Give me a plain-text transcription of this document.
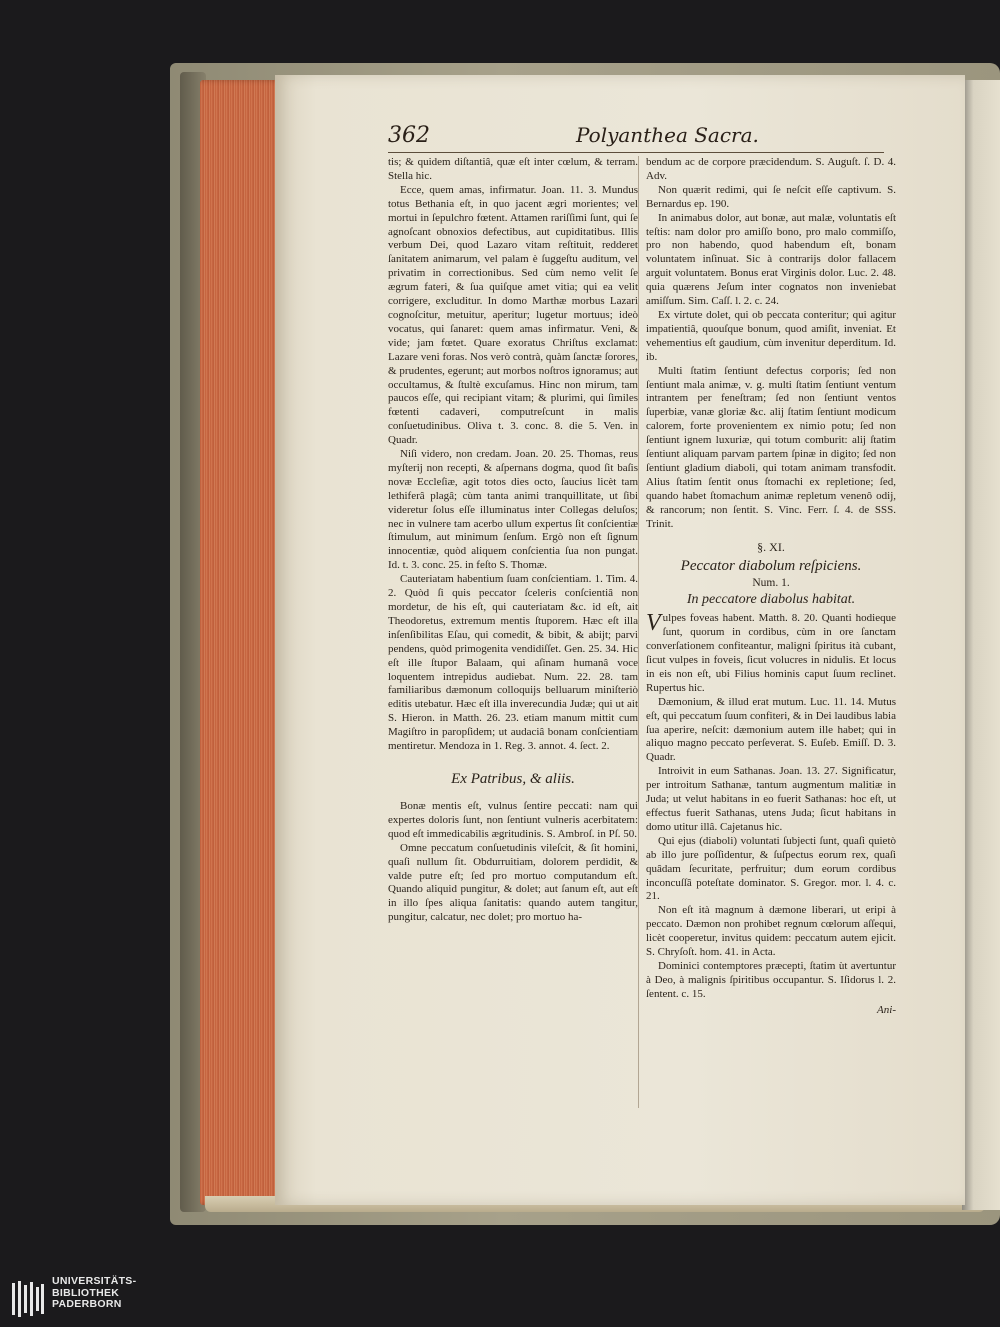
362	Polyanthea Sacra.

tis; & quidem diſtantiâ, quæ eſt inter cœlum, & terram. Stella hic.

Ecce, quem amas, infirmatur. Joan. 11. 3. Mundus totus Bethania eſt, in quo jacent ægri morientes; vel mortui in ſepulchro fœtent. Attamen rariſſimi ſunt, qui ſe agnoſcant obnoxios defectibus, aut cupiditatibus. Illis verbum Dei, quod Lazaro vitam reſtituit, redderet ſanitatem animarum, vel palam è ſuggeſtu auditum, vel privatim in correctionibus. Sed cùm nemo velit ſe ægrum fateri, & ſua quiſque amet vitia; qui ea velit corrigere, excluditur. In domo Marthæ morbus Lazari cognoſcitur, metuitur, aperitur; lugetur mortuus; ideò vocatus, qui ſanaret: quem amas infirmatur. Veni, & vide; jam fœtet. Quare exoratus Chriſtus exclamat: Lazare veni foras. Nos verò contrà, quàm ſanctæ ſorores, & prudentes, egerunt; aut morbos noſtros ignoramus; aut occultamus, & ſtultè excuſamus. Hinc non mirum, tam paucos eſſe, qui recipiant vitam; & plurimi, qui ſimiles fœtenti cadaveri, computreſcunt in malis conſuetudinibus. Oliva t. 3. conc. 8. die 5. Ven. in Quadr.

Niſi videro, non credam. Joan. 20. 25. Thomas, reus myſterij non recepti, & aſpernans dogma, quod ſit baſis novæ Eccleſiæ, agit totos dies octo, ſaucius licèt tam lethiferâ plagâ; cùm tanta animi tranquillitate, ut ſibi videretur ſolus eſſe illuminatus inter Collegas deluſos; nec in vulnere tam acerbo ullum expertus ſit conſcientiæ ſtimulum, aut minimum ſenſum. Ergò non eſt ſignum innocentiæ, quòd aliquem conſcientia ſua non pungat. Id. t. 3. conc. 25. in feſto S. Thomæ.

Cauteriatam habentium ſuam conſcientiam. 1. Tim. 4. 2. Quòd ſi quis peccator ſceleris conſcientiâ non mordetur, de his eſt, qui cauteriatam &c. id eſt, ait Theodoretus, extremum mentis ſtuporem. Hæc eſt illa inſenſibilitas Eſau, qui comedit, & bibit, & abijt; parvi pendens, quòd primogenita vendidiſſet. Gen. 25. 34. Hic eſt ille ſtupor Balaam, qui aſinam humanâ voce loquentem intrepidus audiebat. Num. 22. 28. tam familiaribus dæmonum colloquijs belluarum miniſteriò editis utebatur. Hæc eſt illa inverecundia Judæ; qui ut ait S. Hieron. in Matth. 26. 23. etiam manum mittit cum Magiſtro in paropſidem; ut audaciâ bonam conſcientiam mentiretur. Mendoza in 1. Reg. 3. annot. 4. ſect. 2.

Ex Patribus, & aliis.

Bonæ mentis eſt, vulnus ſentire peccati: nam qui expertes doloris ſunt, non ſentiunt vulneris acerbitatem: quod eſt immedicabilis ægritudinis. S. Ambroſ. in Pſ. 50.

Omne peccatum conſuetudinis vileſcit, & ſit homini, quaſi nullum ſit. Obdurruitiam, dolorem perdidit, & valde putre eſt; ſed pro mortuo computandum eſt. Quando aliquid pungitur, & dolet; aut ſanum eſt, aut eſt in illo ſpes aliqua ſanitatis: quando autem tangitur, pungitur, calcatur, nec dolet; pro mortuo ha-

bendum ac de corpore præcidendum. S. Auguſt. ſ. D. 4. Adv.

Non quærit redimi, qui ſe neſcit eſſe captivum. S. Bernardus ep. 190.

In animabus dolor, aut bonæ, aut malæ, voluntatis eſt teſtis: nam dolor pro amiſſo bono, pro malo commiſſo, pro non habendo, quod habendum eſt, bonam voluntatem inſinuat. Sic à contrarijs dolor fallacem arguit voluntatem. Bonus erat Virginis dolor. Luc. 2. 48. quia quærens Jeſum inter cognatos non inveniebat amiſſum. Sim. Caſſ. l. 2. c. 24.

Ex virtute dolet, qui ob peccata conteritur; qui agitur impatientiâ, quouſque bonum, quod amiſit, inveniat. Et vehementius eſt gaudium, cùm invenitur deperditum. Id. ib.

Multi ſtatim ſentiunt defectus corporis; ſed non ſentiunt mala animæ, v. g. multi ſtatim ſentiunt ventum intrantem per feneſtram; ſed non ſentiunt ventos ſuperbiæ, vanæ gloriæ &c. alij ſtatim ſentiunt modicum calorem, forte provenientem ex nimio potu; ſed non ſentiunt ignem luxuriæ, qui totum comburit: alij ſtatim ſentiunt aliquam parvam partem ſpinæ in digito; ſed non ſentiunt gladium diaboli, qui totam animam transfodit. Alius ſtatim ſentit onus ſtomachi ex repletione; ſed, quando habet ſtomachum animæ repletum venenô odij, & rancorum; non ſentit. S. Vinc. Ferr. ſ. 4. de SSS. Trinit.

§. XI.
Peccator diabolum reſpiciens.
Num. 1.
In peccatore diabolus habitat.

Vulpes foveas habent. Matth. 8. 20. Quanti hodieque ſunt, quorum in cordibus, cùm in ore ſanctam converſationem confiteantur, maligni ſpiritus ità cubant, ſicut vulpes in foveis, ſicut volucres in nidulis. Et locus in eis non eſt, ubi Filius hominis caput ſuum reclinet. Rupertus hic.

Dæmonium, & illud erat mutum. Luc. 11. 14. Mutus eſt, qui peccatum ſuum confiteri, & in Dei laudibus labia ſua aperire, neſcit: dæmonium autem ille habet; qui in aliquo magno peccato perſeverat. S. Euſeb. Emiſſ. D. 3. Quadr.

Introivit in eum Sathanas. Joan. 13. 27. Significatur, per introitum Sathanæ, tantum augmentum malitiæ in Juda; ut velut habitans in eo fuerit Sathanas: hoc eſt, ut effectus fuerit Sathanas, utens Juda; ſicut habitans in domo utitur illâ. Cajetanus hic.

Qui ejus (diaboli) voluntati ſubjecti ſunt, quaſi quietò ab illo jure poſſidentur, & ſuſpectus eorum rex, quaſi quâdam ſecuritate, perfruitur; dum eorum cordibus inconcuſſâ poteſtate dominator. S. Gregor. mor. l. 4. c. 21.

Non eſt ità magnum à dæmone liberari, ut eripi à peccato. Dæmon non prohibet regnum cœlorum aſſequi, licèt cooperetur, invitus quidem: peccatum autem ejicit. S. Chryſoſt. hom. 41. in Acta.

Dominici contemptores præcepti, ſtatim ùt avertuntur à Deo, à malignis ſpiritibus occupantur. S. Iſidorus l. 2. ſentent. c. 15.

Ani-
UNIVERSITÄTS-
BIBLIOTHEK
PADERBORN
